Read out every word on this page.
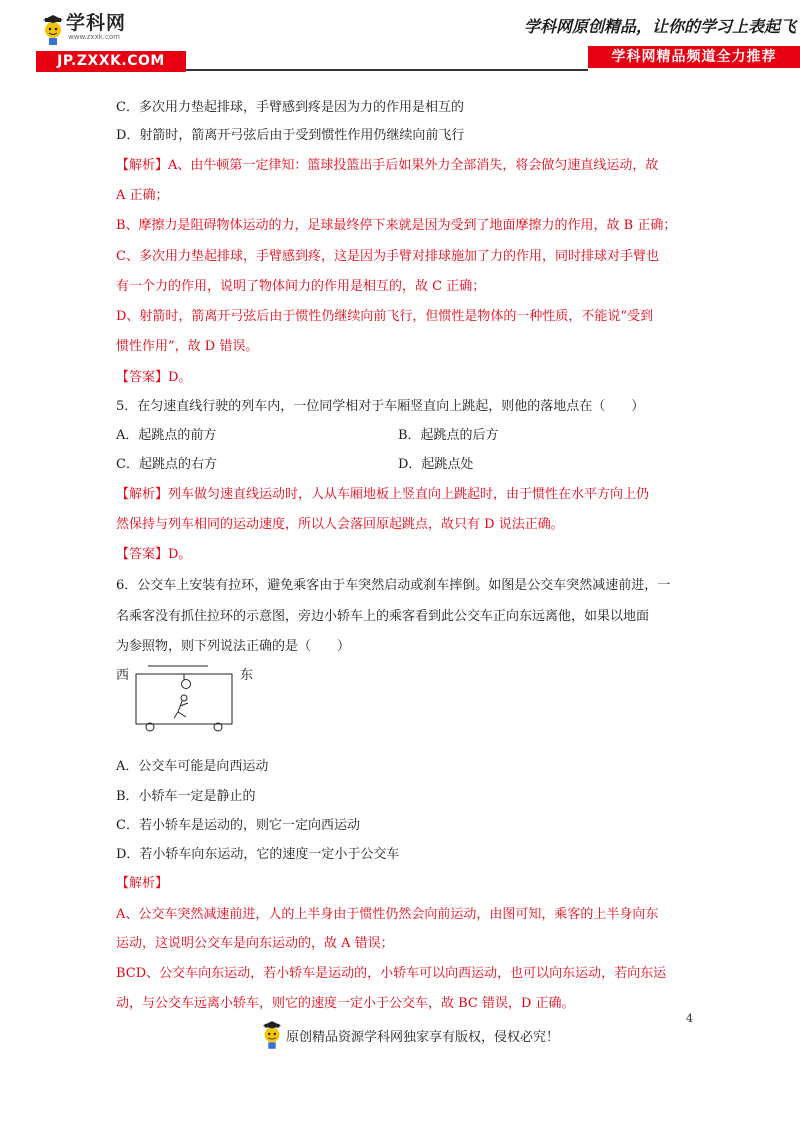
学科网
www.zxxk.com
JP.ZXXK.COM
学科网原创精品，让你的学习上表起飞
学科网精品频道全力推荐
C．多次用力垫起排球，手臂感到疼是因为力的作用是相互的
D．射箭时，箭离开弓弦后由于受到惯性作用仍继续向前飞行
【解析】A、由牛顿第一定律知：篮球投篮出手后如果外力全部消失，将会做匀速直线运动，故
A 正确；
B、摩擦力是阻碍物体运动的力，足球最终停下来就是因为受到了地面摩擦力的作用，故 B 正确；
C、多次用力垫起排球，手臂感到疼，这是因为手臂对排球施加了力的作用，同时排球对手臂也
有一个力的作用，说明了物体间力的作用是相互的，故 C 正确；
D、射箭时，箭离开弓弦后由于惯性仍继续向前飞行，但惯性是物体的一种性质，不能说“受到
惯性作用”，故 D 错误。
【答案】D。
5．在匀速直线行驶的列车内，一位同学相对于车厢竖直向上跳起，则他的落地点在（　　）
A．起跳点的前方	B．起跳点的后方
C．起跳点的右方	D．起跳点处
【解析】列车做匀速直线运动时，人从车厢地板上竖直向上跳起时，由于惯性在水平方向上仍
然保持与列车相同的运动速度，所以人会落回原起跳点，故只有 D 说法正确。
【答案】D。
6．公交车上安装有拉环，避免乘客由于车突然启动或刹车摔倒。如图是公交车突然减速前进，一
名乘客没有抓住拉环的示意图，旁边小轿车上的乘客看到此公交车正向东远离他，如果以地面
为参照物，则下列说法正确的是（　　）
西	东
A．公交车可能是向西运动
B．小轿车一定是静止的
C．若小轿车是运动的，则它一定向西运动
D．若小轿车向东运动，它的速度一定小于公交车
【解析】
A、公交车突然减速前进，人的上半身由于惯性仍然会向前运动，由图可知，乘客的上半身向东
运动，这说明公交车是向东运动的，故 A 错误；
BCD、公交车向东运动，若小轿车是运动的，小轿车可以向西运动，也可以向东运动，若向东运
动，与公交车远离小轿车，则它的速度一定小于公交车，故 BC 错误，D 正确。
4
原创精品资源学科网独家享有版权，侵权必究！
